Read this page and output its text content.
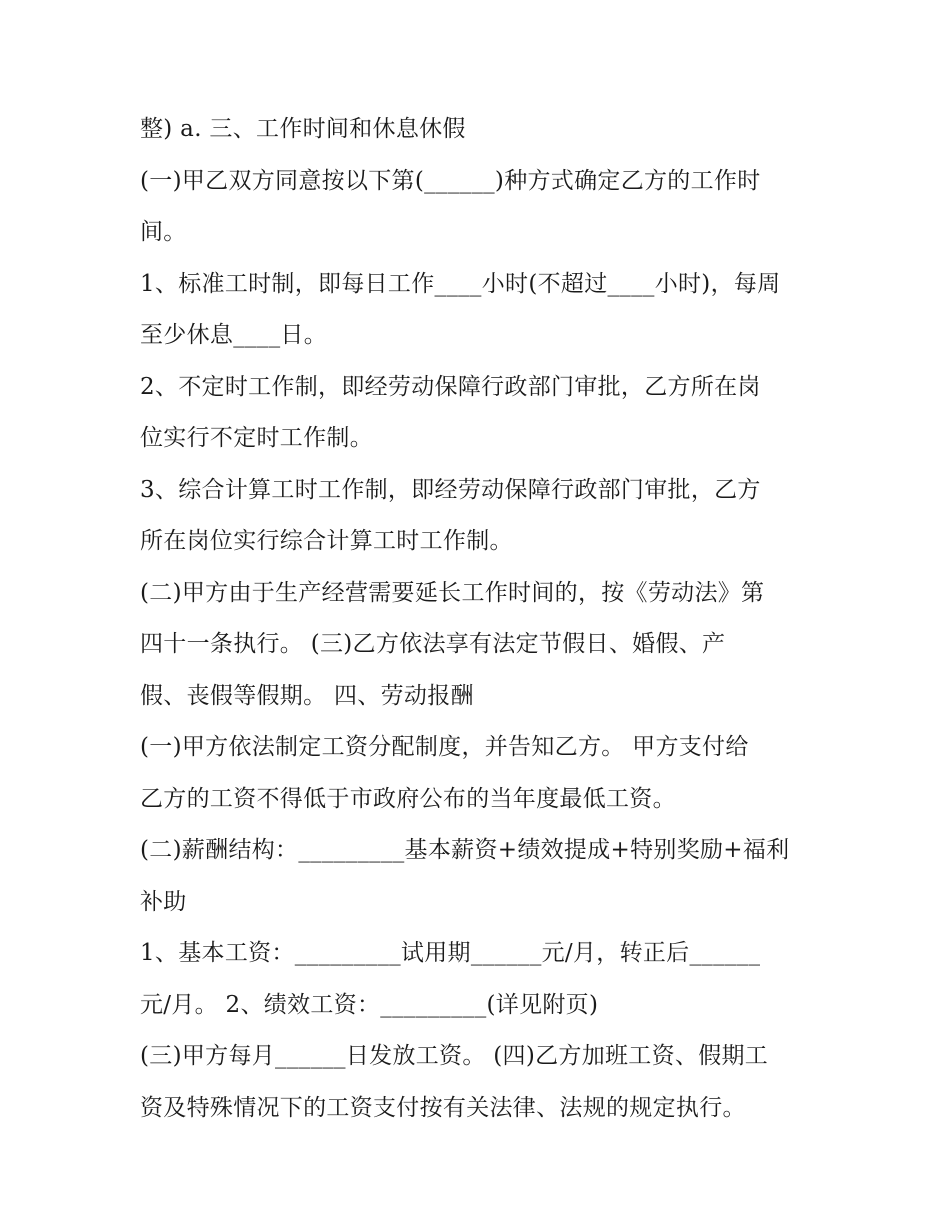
整) a. 三、工作时间和休息休假
(一)甲乙双方同意按以下第(______)种方式确定乙方的工作时
间。
1、标准工时制，即每日工作____小时(不超过____小时)，每周
至少休息____日。
2、不定时工作制，即经劳动保障行政部门审批，乙方所在岗
位实行不定时工作制。
3、综合计算工时工作制，即经劳动保障行政部门审批，乙方
所在岗位实行综合计算工时工作制。
(二)甲方由于生产经营需要延长工作时间的，按《劳动法》第
四十一条执行。 (三)乙方依法享有法定节假日、婚假、产
假、丧假等假期。 四、劳动报酬
(一)甲方依法制定工资分配制度，并告知乙方。 甲方支付给
乙方的工资不得低于市政府公布的当年度最低工资。
(二)薪酬结构：_________基本薪资+绩效提成+特别奖励+福利
补助
1、基本工资：_________试用期______元/月，转正后______
元/月。 2、绩效工资：_________(详见附页)
(三)甲方每月______日发放工资。 (四)乙方加班工资、假期工
资及特殊情况下的工资支付按有关法律、法规的规定执行。
